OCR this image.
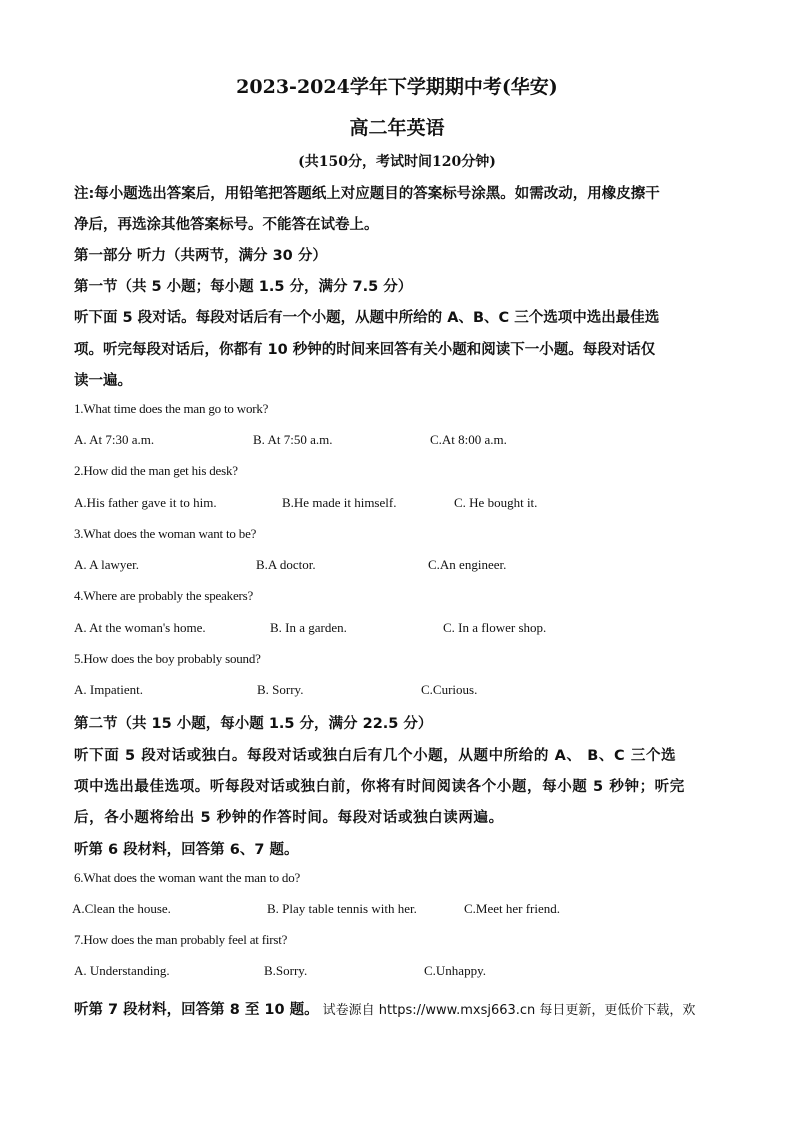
2023-2024学年下学期期中考(华安)
高二年英语
(共150分，考试时间120分钟)
注:每小题选出答案后，用铅笔把答题纸上对应题目的答案标号涂黑。如需改动，用橡皮擦干
净后，再选涂其他答案标号。不能答在试卷上。
第一部分 听力（共两节，满分 30 分）
第一节（共 5 小题；每小题 1.5 分，满分 7.5 分）
听下面 5 段对话。每段对话后有一个小题，从题中所给的 A、B、C 三个选项中选出最佳选
项。听完每段对话后，你都有 10 秒钟的时间来回答有关小题和阅读下一小题。每段对话仅
读一遍。
1.What time does the man go to work?
A. At 7:30 a.m.	B. At 7:50 a.m.	C.At 8:00 a.m.
2.How did the man get his desk?
A.His father gave it to him.	B.He made it himself.	C. He bought it.
3.What does the woman want to be?
A. A lawyer.	B.A doctor.	C.An engineer.
4.Where are probably the speakers?
A. At the woman's home.	B. In a garden.	C. In a flower shop.
5.How does the boy probably sound?
A. Impatient.	B. Sorry.	C.Curious.
第二节（共 15 小题，每小题 1.5 分，满分 22.5 分）
听下面 5 段对话或独白。每段对话或独白后有几个小题，从题中所给的 A、 B、C 三个选
项中选出最佳选项。听每段对话或独白前，你将有时间阅读各个小题，每小题 5 秒钟；听完
后，各小题将给出 5 秒钟的作答时间。每段对话或独白读两遍。
听第 6 段材料，回答第 6、7 题。
6.What does the woman want the man to do?
A.Clean the house.	B. Play table tennis with her.	C.Meet her friend.
7.How does the man probably feel at first?
A. Understanding.	B.Sorry.	C.Unhappy.
听第 7 段材料，回答第 8 至 10 题。 试卷源自 https://www.mxsj663.cn 每日更新，更低价下载，欢
